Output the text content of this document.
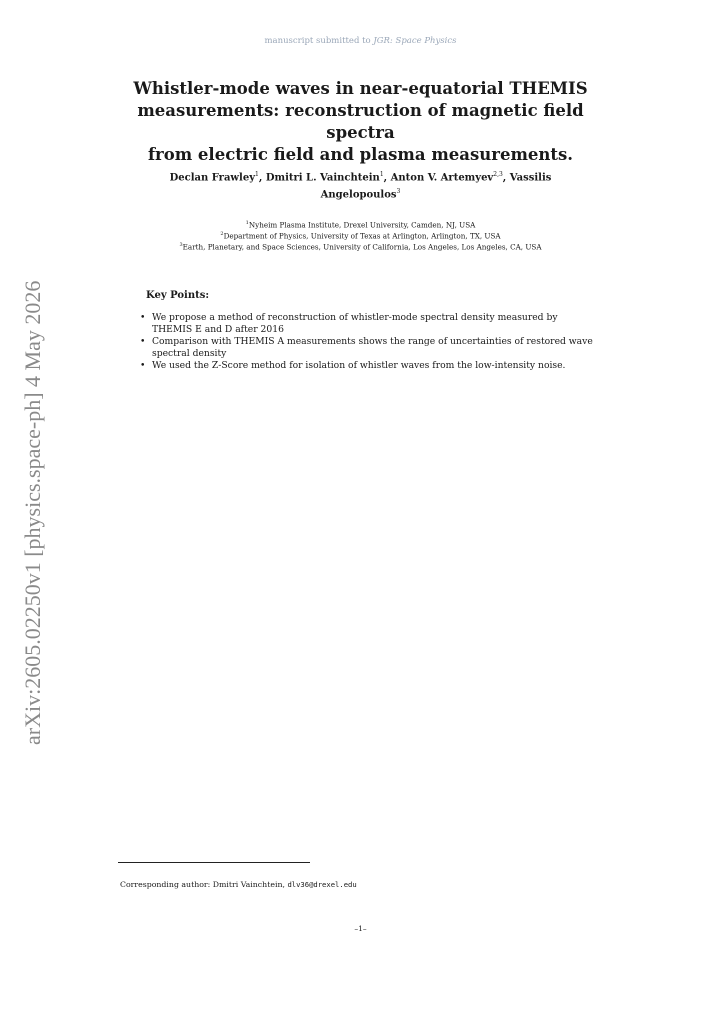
manuscript submitted to JGR: Space Physics
arXiv:2605.02250v1 [physics.space-ph] 4 May 2026
Whistler-mode waves in near-equatorial THEMIS
measurements: reconstruction of magnetic field spectra
from electric field and plasma measurements.
Declan Frawley$^1$, Dmitri L. Vainchtein$^1$, Anton V. Artemyev$^{2,3}$, Vassilis Angelopoulos$^3$
$^1$Nyheim Plasma Institute, Drexel University, Camden, NJ, USA
$^2$Department of Physics, University of Texas at Arlington, Arlington, TX, USA
$^3$Earth, Planetary, and Space Sciences, University of California, Los Angeles, Los Angeles, CA, USA
Key Points:
• We propose a method of reconstruction of whistler-mode spectral density measured by THEMIS E and D after 2016
• Comparison with THEMIS A measurements shows the range of uncertainties of restored wave spectral density
• We used the Z-Score method for isolation of whistler waves from the low-intensity noise.
Corresponding author: Dmitri Vainchtein, dlv36@drexel.edu
–1–
